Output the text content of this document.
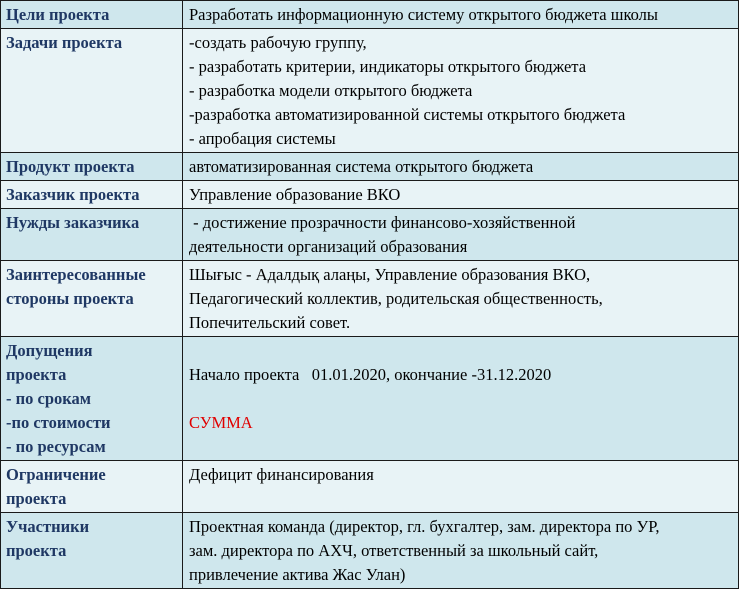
Цели проекта	Разработать информационную систему открытого бюджета школы

Задачи проекта	-создать рабочую группу,
- разработать критерии, индикаторы открытого бюджета
- разработка модели открытого бюджета
-разработка автоматизированной системы открытого бюджета
- апробация системы

Продукт проекта	автоматизированная система открытого бюджета

Заказчик проекта	Управление образование ВКО

Нужды заказчика	- достижение прозрачности финансово-хозяйственной
деятельности организаций образования

Заинтересованные
стороны проекта	Шығыс - Адалдық алаңы, Управление образования ВКО,
Педагогический коллектив, родительская общественность,
Попечительский совет.

Допущения
проекта
- по срокам
-по стоимости
- по ресурсам	Начало проекта   01.01.2020, окончание -31.12.2020
СУММА

Ограничение
проекта	Дефицит финансирования

Участники
проекта	Проектная команда (директор, гл. бухгалтер, зам. директора по УР,
зам. директора по АХЧ, ответственный за школьный сайт,
привлечение актива Жас Улан)
